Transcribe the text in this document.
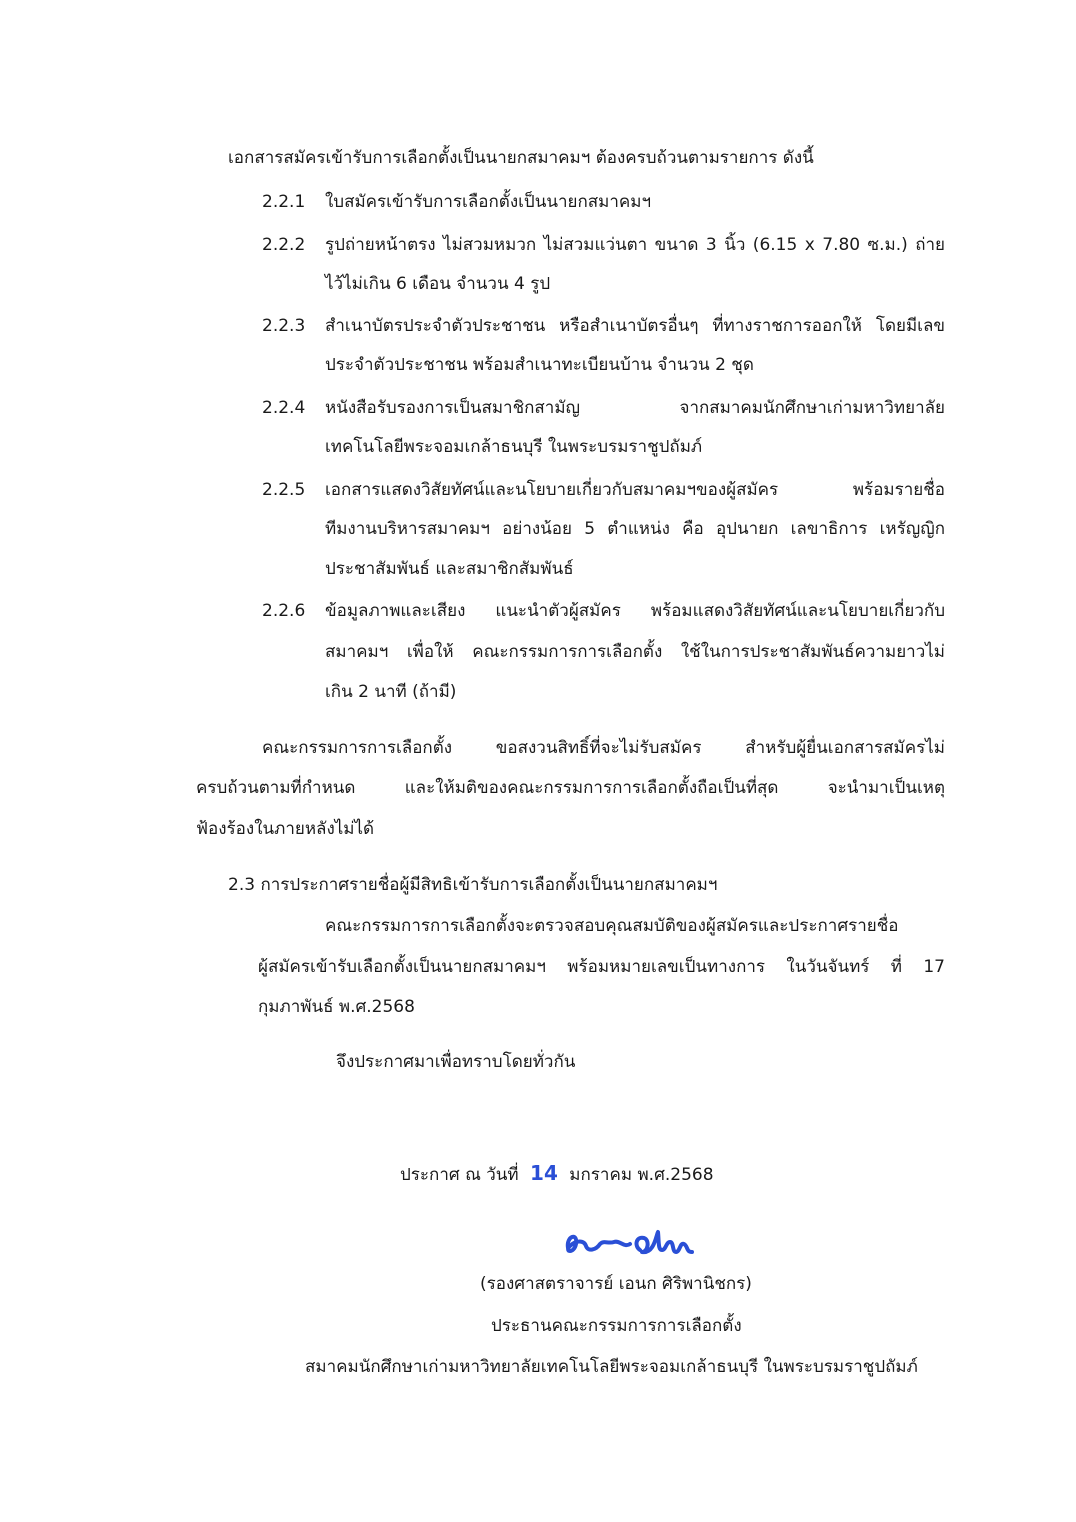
เอกสารสมัครเข้ารับการเลือกตั้งเป็นนายกสมาคมฯ ต้องครบถ้วนตามรายการ ดังนี้
2.2.1 ใบสมัครเข้ารับการเลือกตั้งเป็นนายกสมาคมฯ
2.2.2 รูปถ่ายหน้าตรง ไม่สวมหมวก ไม่สวมแว่นตา ขนาด 3 นิ้ว (6.15 x 7.80 ซ.ม.) ถ่าย
ไว้ไม่เกิน 6 เดือน จำนวน 4 รูป
2.2.3 สำเนาบัตรประจำตัวประชาชน หรือสำเนาบัตรอื่นๆ ที่ทางราชการออกให้ โดยมีเลข
ประจำตัวประชาชน พร้อมสำเนาทะเบียนบ้าน จำนวน 2 ชุด
2.2.4 หนังสือรับรองการเป็นสมาชิกสามัญ จากสมาคมนักศึกษาเก่ามหาวิทยาลัย
เทคโนโลยีพระจอมเกล้าธนบุรี ในพระบรมราชูปถัมภ์
2.2.5 เอกสารแสดงวิสัยทัศน์และนโยบายเกี่ยวกับสมาคมฯของผู้สมัคร พร้อมรายชื่อ
ทีมงานบริหารสมาคมฯ อย่างน้อย 5 ตำแหน่ง คือ อุปนายก เลขาธิการ เหรัญญิก
ประชาสัมพันธ์ และสมาชิกสัมพันธ์
2.2.6 ข้อมูลภาพและเสียง แนะนำตัวผู้สมัคร พร้อมแสดงวิสัยทัศน์และนโยบายเกี่ยวกับ
สมาคมฯ เพื่อให้ คณะกรรมการการเลือกตั้ง ใช้ในการประชาสัมพันธ์ความยาวไม่
เกิน 2 นาที (ถ้ามี)
คณะกรรมการการเลือกตั้ง ขอสงวนสิทธิ์ที่จะไม่รับสมัคร สำหรับผู้ยื่นเอกสารสมัครไม่
ครบถ้วนตามที่กำหนด และให้มติของคณะกรรมการการเลือกตั้งถือเป็นที่สุด จะนำมาเป็นเหตุ
ฟ้องร้องในภายหลังไม่ได้
2.3 การประกาศรายชื่อผู้มีสิทธิเข้ารับการเลือกตั้งเป็นนายกสมาคมฯ
คณะกรรมการการเลือกตั้งจะตรวจสอบคุณสมบัติของผู้สมัครและประกาศรายชื่อ
ผู้สมัครเข้ารับเลือกตั้งเป็นนายกสมาคมฯ พร้อมหมายเลขเป็นทางการ ในวันจันทร์ ที่ 17
กุมภาพันธ์ พ.ศ.2568
จึงประกาศมาเพื่อทราบโดยทั่วกัน
ประกาศ ณ วันที่ 14 มกราคม พ.ศ.2568
(รองศาสตราจารย์ เอนก ศิริพานิชกร)
ประธานคณะกรรมการการเลือกตั้ง
สมาคมนักศึกษาเก่ามหาวิทยาลัยเทคโนโลยีพระจอมเกล้าธนบุรี ในพระบรมราชูปถัมภ์
